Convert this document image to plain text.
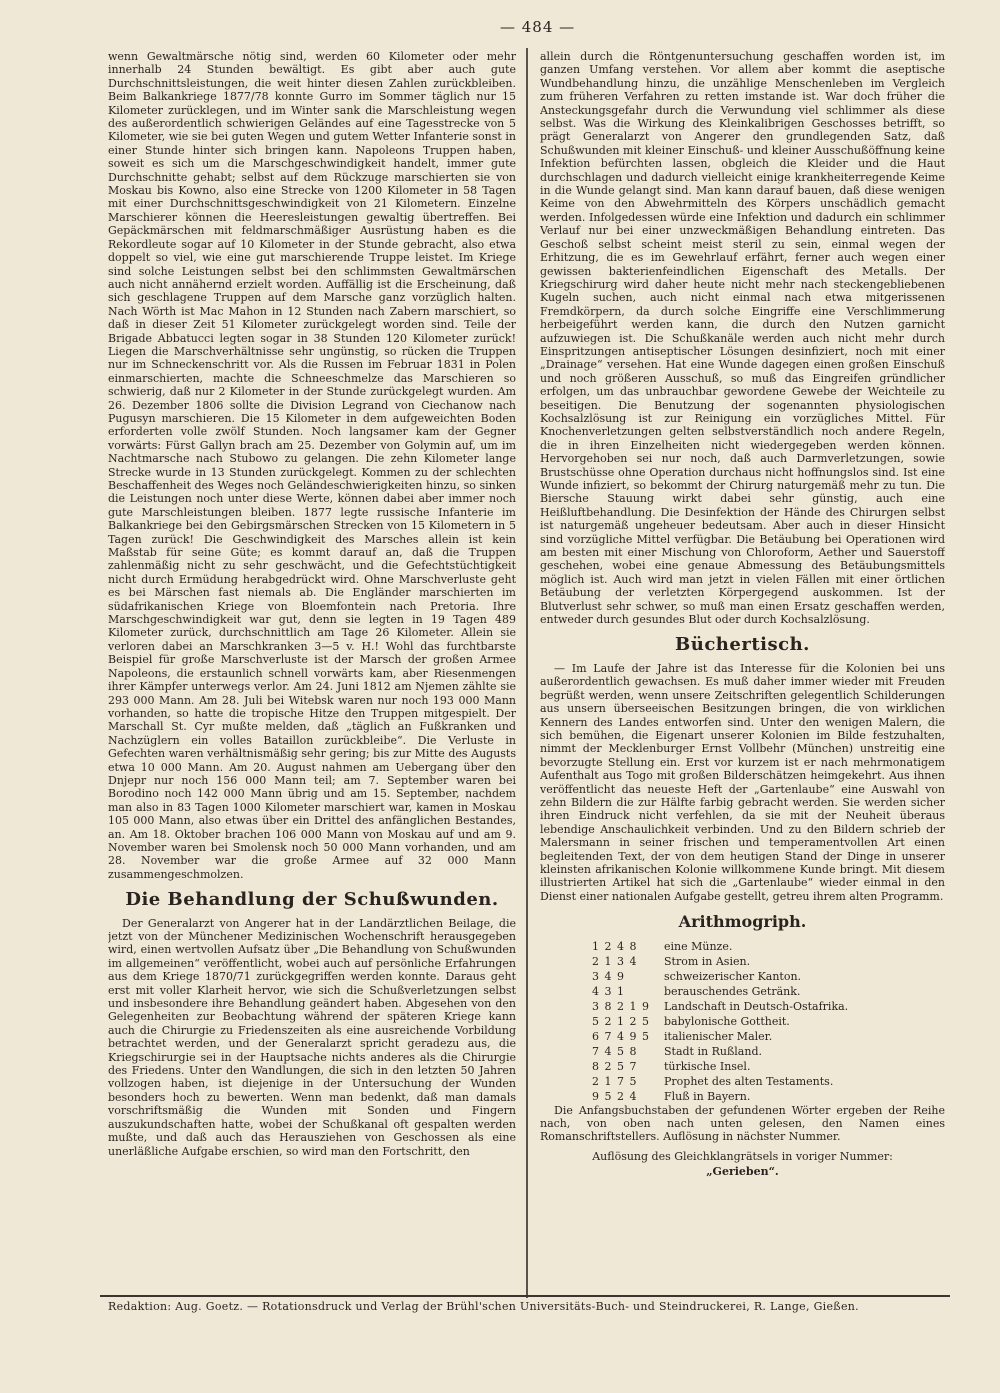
— 484 —

wenn Gewaltmärsche nötig sind, werden 60 Kilometer oder mehr innerhalb 24 Stunden bewältigt. Es gibt aber auch gute Durchschnittsleistungen, die weit hinter diesen Zahlen zurückbleiben. Beim Balkankriege 1877/78 konnte Gurro im Sommer täglich nur 15 Kilometer zurücklegen, und im Winter sank die Marschleistung wegen des außerordentlich schwierigen Geländes auf eine Tagesstrecke von 5 Kilometer, wie sie bei guten Wegen und gutem Wetter Infanterie sonst in einer Stunde hinter sich bringen kann. Napoleons Truppen haben, soweit es sich um die Marschgeschwindigkeit handelt, immer gute Durchschnitte gehabt; selbst auf dem Rückzuge marschierten sie von Moskau bis Kowno, also eine Strecke von 1200 Kilometer in 58 Tagen mit einer Durchschnittsgeschwindigkeit von 21 Kilometern. Einzelne Marschierer können die Heeresleistungen gewaltig übertreffen. Bei Gepäckmärschen mit feldmarschmäßiger Ausrüstung haben es die Rekordleute sogar auf 10 Kilometer in der Stunde gebracht, also etwa doppelt so viel, wie eine gut marschierende Truppe leistet. Im Kriege sind solche Leistungen selbst bei den schlimmsten Gewaltmärschen auch nicht annähernd erzielt worden. Auffällig ist die Erscheinung, daß sich geschlagene Truppen auf dem Marsche ganz vorzüglich halten. Nach Wörth ist Mac Mahon in 12 Stunden nach Zabern marschiert, so daß in dieser Zeit 51 Kilometer zurückgelegt worden sind. Teile der Brigade Abbatucci legten sogar in 38 Stunden 120 Kilometer zurück! Liegen die Marschverhältnisse sehr ungünstig, so rücken die Truppen nur im Schneckenschritt vor. Als die Russen im Februar 1831 in Polen einmarschierten, machte die Schneeschmelze das Marschieren so schwierig, daß nur 2 Kilometer in der Stunde zurückgelegt wurden. Am 26. Dezember 1806 sollte die Division Legrand von Ciechanow nach Pugusyn marschieren. Die 15 Kilometer in dem aufgeweichten Boden erforderten volle zwölf Stunden. Noch langsamer kam der Gegner vorwärts: Fürst Gallyn brach am 25. Dezember von Golymin auf, um im Nachtmarsche nach Stubowo zu gelangen. Die zehn Kilometer lange Strecke wurde in 13 Stunden zurückgelegt. Kommen zu der schlechten Beschaffenheit des Weges noch Geländeschwierigkeiten hinzu, so sinken die Leistungen noch unter diese Werte, können dabei aber immer noch gute Marschleistungen bleiben. 1877 legte russische Infanterie im Balkankriege bei den Gebirgsmärschen Strecken von 15 Kilometern in 5 Tagen zurück! Die Geschwindigkeit des Marsches allein ist kein Maßstab für seine Güte; es kommt darauf an, daß die Truppen zahlenmäßig nicht zu sehr geschwächt, und die Gefechtstüchtigkeit nicht durch Ermüdung herabgedrückt wird. Ohne Marschverluste geht es bei Märschen fast niemals ab. Die Engländer marschierten im südafrikanischen Kriege von Bloemfontein nach Pretoria. Ihre Marschgeschwindigkeit war gut, denn sie legten in 19 Tagen 489 Kilometer zurück, durchschnittlich am Tage 26 Kilometer. Allein sie verloren dabei an Marschkranken 3—5 v. H.! Wohl das furchtbarste Beispiel für große Marschverluste ist der Marsch der großen Armee Napoleons, die erstaunlich schnell vorwärts kam, aber Riesenmengen ihrer Kämpfer unterwegs verlor. Am 24. Juni 1812 am Njemen zählte sie 293 000 Mann. Am 28. Juli bei Witebsk waren nur noch 193 000 Mann vorhanden, so hatte die tropische Hitze den Truppen mitgespielt. Der Marschall St. Cyr mußte melden, daß „täglich an Fußkranken und Nachzüglern ein volles Bataillon zurückbleibe“. Die Verluste in Gefechten waren verhältnismäßig sehr gering; bis zur Mitte des Augusts etwa 10 000 Mann. Am 20. August nahmen am Uebergang über den Dnjepr nur noch 156 000 Mann teil; am 7. September waren bei Borodino noch 142 000 Mann übrig und am 15. September, nachdem man also in 83 Tagen 1000 Kilometer marschiert war, kamen in Moskau 105 000 Mann, also etwas über ein Drittel des anfänglichen Bestandes, an. Am 18. Oktober brachen 106 000 Mann von Moskau auf und am 9. November waren bei Smolensk noch 50 000 Mann vorhanden, und am 28. November war die große Armee auf 32 000 Mann zusammengeschmolzen.

Die Behandlung der Schußwunden.

Der Generalarzt von Angerer hat in der Landärztlichen Beilage, die jetzt von der Münchener Medizinischen Wochenschrift herausgegeben wird, einen wertvollen Aufsatz über „Die Behandlung von Schußwunden im allgemeinen“ veröffentlicht, wobei auch auf persönliche Erfahrungen aus dem Kriege 1870/71 zurückgegriffen werden konnte. Daraus geht erst mit voller Klarheit hervor, wie sich die Schußverletzungen selbst und insbesondere ihre Behandlung geändert haben. Abgesehen von den Gelegenheiten zur Beobachtung während der späteren Kriege kann auch die Chirurgie zu Friedenszeiten als eine ausreichende Vorbildung betrachtet werden, und der Generalarzt spricht geradezu aus, die Kriegschirurgie sei in der Hauptsache nichts anderes als die Chirurgie des Friedens. Unter den Wandlungen, die sich in den letzten 50 Jahren vollzogen haben, ist diejenige in der Untersuchung der Wunden besonders hoch zu bewerten. Wenn man bedenkt, daß man damals vorschriftsmäßig die Wunden mit Sonden und Fingern auszukundschaften hatte, wobei der Schußkanal oft gespalten werden mußte, und daß auch das Herausziehen von Geschossen als eine unerläßliche Aufgabe erschien, so wird man den Fortschritt, den

allein durch die Röntgenuntersuchung geschaffen worden ist, im ganzen Umfang verstehen. Vor allem aber kommt die aseptische Wundbehandlung hinzu, die unzählige Menschenleben im Vergleich zum früheren Verfahren zu retten imstande ist. War doch früher die Ansteckungsgefahr durch die Verwundung viel schlimmer als diese selbst. Was die Wirkung des Kleinkalibrigen Geschosses betrifft, so prägt Generalarzt von Angerer den grundlegenden Satz, daß Schußwunden mit kleiner Einschuß- und kleiner Ausschußöffnung keine Infektion befürchten lassen, obgleich die Kleider und die Haut durchschlagen und dadurch vielleicht einige krankheiterregende Keime in die Wunde gelangt sind. Man kann darauf bauen, daß diese wenigen Keime von den Abwehrmitteln des Körpers unschädlich gemacht werden. Infolgedessen würde eine Infektion und dadurch ein schlimmer Verlauf nur bei einer unzweckmäßigen Behandlung eintreten. Das Geschoß selbst scheint meist steril zu sein, einmal wegen der Erhitzung, die es im Gewehrlauf erfährt, ferner auch wegen einer gewissen bakterienfeindlichen Eigenschaft des Metalls. Der Kriegschirurg wird daher heute nicht mehr nach steckengebliebenen Kugeln suchen, auch nicht einmal nach etwa mitgerissenen Fremdkörpern, da durch solche Eingriffe eine Verschlimmerung herbeigeführt werden kann, die durch den Nutzen garnicht aufzuwiegen ist. Die Schußkanäle werden auch nicht mehr durch Einspritzungen antiseptischer Lösungen desinfiziert, noch mit einer „Drainage“ versehen. Hat eine Wunde dagegen einen großen Einschuß und noch größeren Ausschuß, so muß das Eingreifen gründlicher erfolgen, um das unbrauchbar gewordene Gewebe der Weichteile zu beseitigen. Die Benutzung der sogenannten physiologischen Kochsalzlösung ist zur Reinigung ein vorzügliches Mittel. Für Knochenverletzungen gelten selbstverständlich noch andere Regeln, die in ihren Einzelheiten nicht wiedergegeben werden können. Hervorgehoben sei nur noch, daß auch Darmverletzungen, sowie Brustschüsse ohne Operation durchaus nicht hoffnungslos sind. Ist eine Wunde infiziert, so bekommt der Chirurg naturgemäß mehr zu tun. Die Biersche Stauung wirkt dabei sehr günstig, auch eine Heißluftbehandlung. Die Desinfektion der Hände des Chirurgen selbst ist naturgemäß ungeheuer bedeutsam. Aber auch in dieser Hinsicht sind vorzügliche Mittel verfügbar. Die Betäubung bei Operationen wird am besten mit einer Mischung von Chloroform, Aether und Sauerstoff geschehen, wobei eine genaue Abmessung des Betäubungsmittels möglich ist. Auch wird man jetzt in vielen Fällen mit einer örtlichen Betäubung der verletzten Körpergegend auskommen. Ist der Blutverlust sehr schwer, so muß man einen Ersatz geschaffen werden, entweder durch gesundes Blut oder durch Kochsalzlösung.

Büchertisch.

— Im Laufe der Jahre ist das Interesse für die Kolonien bei uns außerordentlich gewachsen. Es muß daher immer wieder mit Freuden begrüßt werden, wenn unsere Zeitschriften gelegentlich Schilderungen aus unsern überseeischen Besitzungen bringen, die von wirklichen Kennern des Landes entworfen sind. Unter den wenigen Malern, die sich bemühen, die Eigenart unserer Kolonien im Bilde festzuhalten, nimmt der Mecklenburger Ernst Vollbehr (München) unstreitig eine bevorzugte Stellung ein. Erst vor kurzem ist er nach mehrmonatigem Aufenthalt aus Togo mit großen Bilderschätzen heimgekehrt. Aus ihnen veröffentlicht das neueste Heft der „Gartenlaube“ eine Auswahl von zehn Bildern die zur Hälfte farbig gebracht werden. Sie werden sicher ihren Eindruck nicht verfehlen, da sie mit der Neuheit überaus lebendige Anschaulichkeit verbinden. Und zu den Bildern schrieb der Malersmann in seiner frischen und temperamentvollen Art einen begleitenden Text, der von dem heutigen Stand der Dinge in unserer kleinsten afrikanischen Kolonie willkommene Kunde bringt. Mit diesem illustrierten Artikel hat sich die „Gartenlaube“ wieder einmal in den Dienst einer nationalen Aufgabe gestellt, getreu ihrem alten Programm.

Arithmogriph.
1 2 4 8	eine Münze.
2 1 3 4	Strom in Asien.
3 4 9	schweizerischer Kanton.
4 3 1	berauschendes Getränk.
3 8 2 1 9	Landschaft in Deutsch-Ostafrika.
5 2 1 2 5	babylonische Gottheit.
6 7 4 9 5	italienischer Maler.
7 4 5 8	Stadt in Rußland.
8 2 5 7	türkische Insel.
2 1 7 5	Prophet des alten Testaments.
9 5 2 4	Fluß in Bayern.

Die Anfangsbuchstaben der gefundenen Wörter ergeben der Reihe nach, von oben nach unten gelesen, den Namen eines Romanschriftstellers. Auflösung in nächster Nummer.

Auflösung des Gleichklangrätsels in voriger Nummer:
„Gerieben“.
Redaktion: Aug. Goetz. — Rotationsdruck und Verlag der Brühl'schen Universitäts-Buch- und Steindruckerei, R. Lange, Gießen.
